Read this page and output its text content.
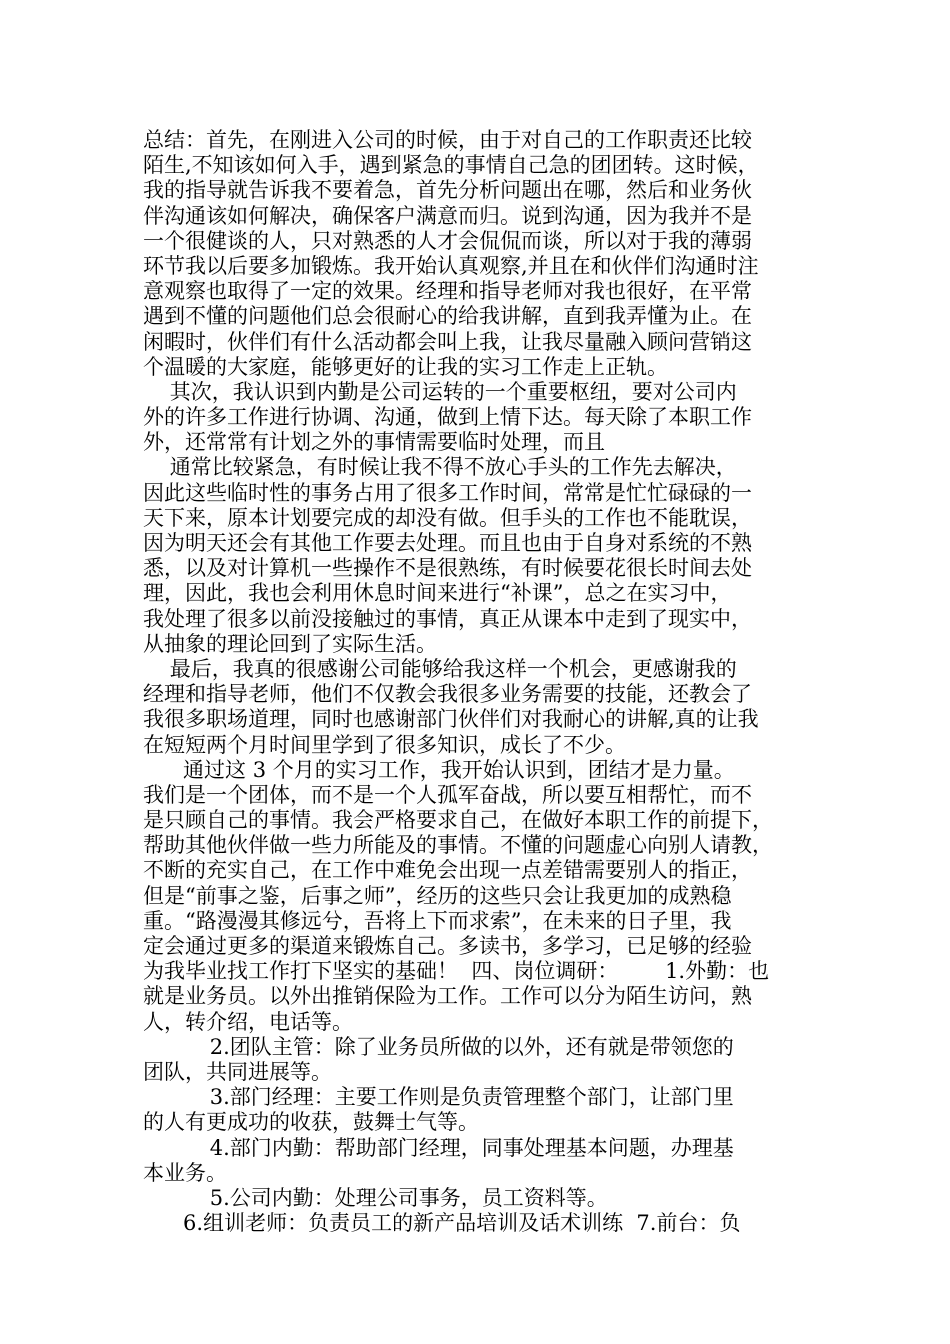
总结：首先，在刚进入公司的时候，由于对自己的工作职责还比较
陌生,不知该如何入手，遇到紧急的事情自己急的团团转。这时候，
我的指导就告诉我不要着急，首先分析问题出在哪，然后和业务伙
伴沟通该如何解决，确保客户满意而归。说到沟通，因为我并不是
一个很健谈的人，只对熟悉的人才会侃侃而谈，所以对于我的薄弱
环节我以后要多加锻炼。我开始认真观察,并且在和伙伴们沟通时注
意观察也取得了一定的效果。经理和指导老师对我也很好，在平常
遇到不懂的问题他们总会很耐心的给我讲解，直到我弄懂为止。在
闲暇时，伙伴们有什么活动都会叫上我，让我尽量融入顾问营销这
个温暖的大家庭，能够更好的让我的实习工作走上正轨。
其次，我认识到内勤是公司运转的一个重要枢纽，要对公司内
外的许多工作进行协调、沟通，做到上情下达。每天除了本职工作
外，还常常有计划之外的事情需要临时处理，而且
通常比较紧急，有时候让我不得不放心手头的工作先去解决，
因此这些临时性的事务占用了很多工作时间，常常是忙忙碌碌的一
天下来，原本计划要完成的却没有做。但手头的工作也不能耽误，
因为明天还会有其他工作要去处理。而且也由于自身对系统的不熟
悉，以及对计算机一些操作不是很熟练，有时候要花很长时间去处
理，因此，我也会利用休息时间来进行“补课”，总之在实习中，
我处理了很多以前没接触过的事情，真正从课本中走到了现实中，
从抽象的理论回到了实际生活。
最后，我真的很感谢公司能够给我这样一个机会，更感谢我的
经理和指导老师，他们不仅教会我很多业务需要的技能，还教会了
我很多职场道理，同时也感谢部门伙伴们对我耐心的讲解,真的让我
在短短两个月时间里学到了很多知识，成长了不少。
通过这 3 个月的实习工作，我开始认识到，团结才是力量。
我们是一个团体，而不是一个人孤军奋战，所以要互相帮忙，而不
是只顾自己的事情。我会严格要求自己，在做好本职工作的前提下，
帮助其他伙伴做一些力所能及的事情。不懂的问题虚心向别人请教，
不断的充实自己，在工作中难免会出现一点差错需要别人的指正，
但是“前事之鉴，后事之师”，经历的这些只会让我更加的成熟稳
重。“路漫漫其修远兮，吾将上下而求索”，在未来的日子里，我
定会通过更多的渠道来锻炼自己。多读书，多学习，已足够的经验
为我毕业找工作打下坚实的基础！  四、岗位调研：       1.外勤：也
就是业务员。以外出推销保险为工作。工作可以分为陌生访问，熟
人，转介绍，电话等。
2.团队主管：除了业务员所做的以外，还有就是带领您的
团队，共同进展等。
3.部门经理：主要工作则是负责管理整个部门，让部门里
的人有更成功的收获，鼓舞士气等。
4.部门内勤：帮助部门经理，同事处理基本问题，办理基
本业务。
5.公司内勤：处理公司事务，员工资料等。
6.组训老师：负责员工的新产品培训及话术训练  7.前台：负
